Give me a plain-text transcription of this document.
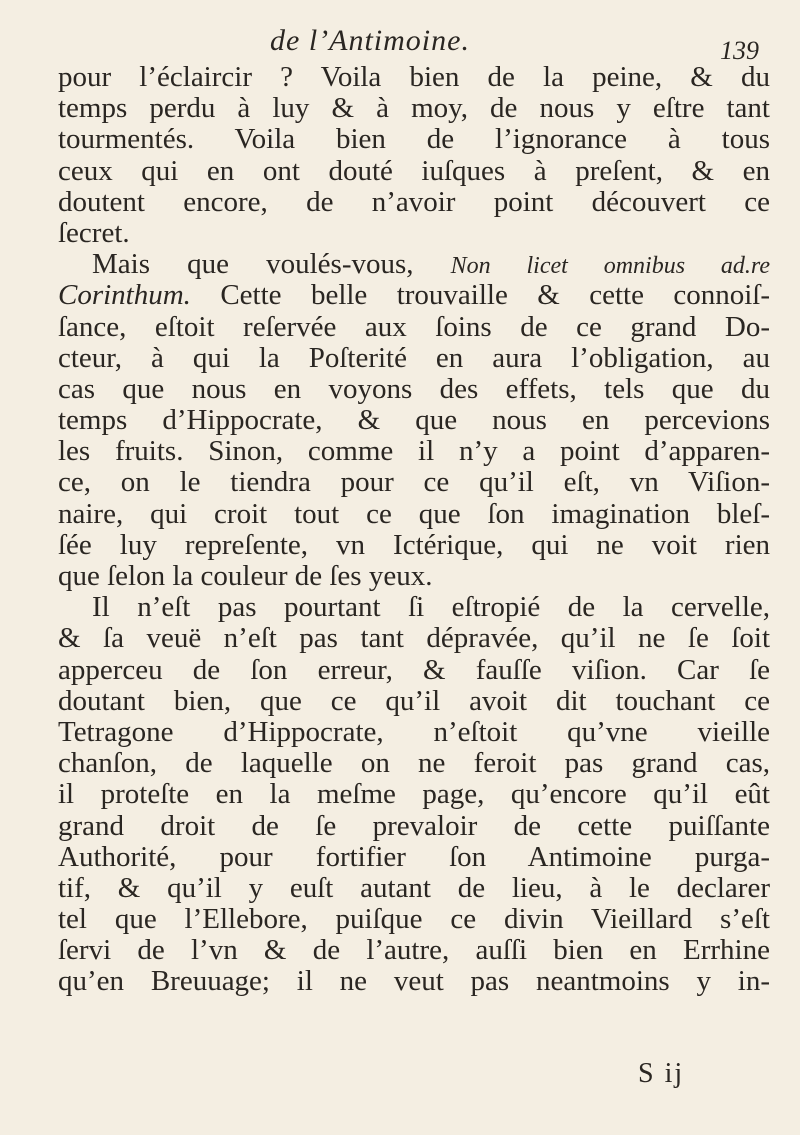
de l’Antimoine.	139
pour l’éclaircir ? Voila bien de la peine, & du
temps perdu à luy & à moy, de nous y eſtre tant
tourmentés. Voila bien de l’ignorance à tous
ceux qui en ont douté iuſques à preſent, & en
doutent encore, de n’avoir point découvert ce
ſecret.
Mais que voulés-vous, Non licet omnibus ad.re
Corinthum. Cette belle trouvaille & cette connoiſ-
ſance, eſtoit reſervée aux ſoins de ce grand Do-
cteur, à qui la Poſterité en aura l’obligation, au
cas que nous en voyons des effets, tels que du
temps d’Hippocrate, & que nous en percevions
les fruits. Sinon, comme il n’y a point d’apparen-
ce, on le tiendra pour ce qu’il eſt, vn Viſion-
naire, qui croit tout ce que ſon imagination bleſ-
ſée luy repreſente, vn Ictérique, qui ne voit rien
que ſelon la couleur de ſes yeux.
Il n’eſt pas pourtant ſi eſtropié de la cervelle,
& ſa veuë n’eſt pas tant dépravée, qu’il ne ſe ſoit
apperceu de ſon erreur, & fauſſe viſion. Car ſe
doutant bien, que ce qu’il avoit dit touchant ce
Tetragone d’Hippocrate, n’eſtoit qu’vne vieille
chanſon, de laquelle on ne feroit pas grand cas,
il proteſte en la meſme page, qu’encore qu’il eût
grand droit de ſe prevaloir de cette puiſſante
Authorité, pour fortifier ſon Antimoine purga-
tif, & qu’il y euſt autant de lieu, à le declarer
tel que l’Ellebore, puiſque ce divin Vieillard s’eſt
ſervi de l’vn & de l’autre, auſſi bien en Errhine
qu’en Breuuage; il ne veut pas neantmoins y in-
S ij
